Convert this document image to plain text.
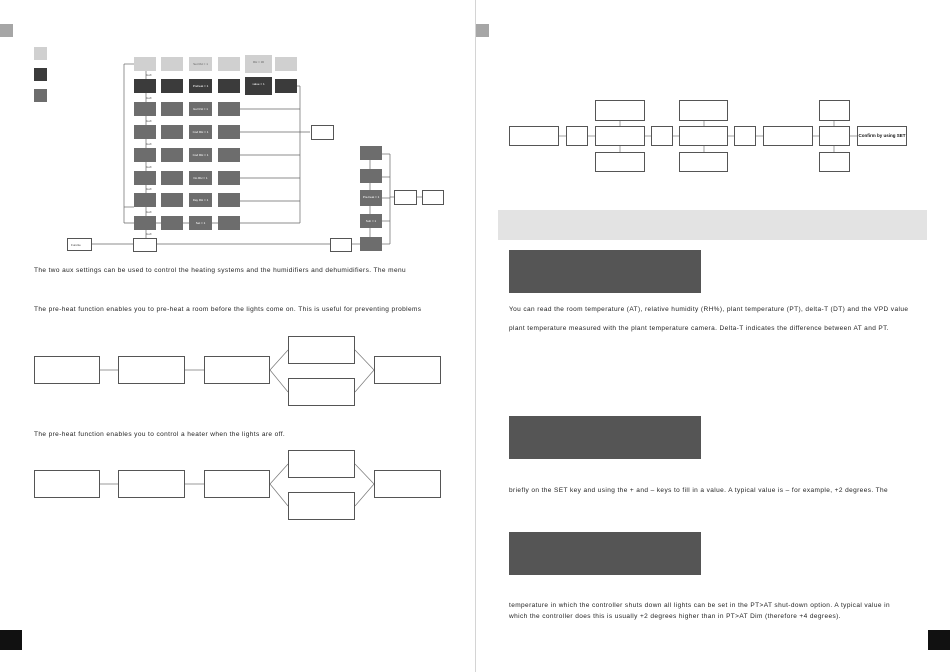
Set RH = 1	RH = 30
Preheat = 1	value = 1
Gul RH = 1
Cod RH = 1
Cod RH = 1
Do RH = 1
Day RH = 1
Set = 1
AuX
AuX
AuX
AuX
AuX
AuX
AuX
AuX
Functie
Pre-heat = 1
Sub = 1
The two aux settings can be used to control the heating systems and the humidifiers and dehumidifiers. The menu
The pre-heat function enables you to pre-heat a room before the lights come on. This is useful for preventing problems
The pre-heat function enables you to control a heater when the lights are off.
Confirm by using SET
You can read the room temperature (AT), relative humidity (RH%), plant temperature (PT), delta-T (DT) and the VPD value
plant temperature measured with the plant temperature camera. Delta-T indicates the difference between AT and PT.
briefly on the SET key and using the + and – keys to fill in a value. A typical value is – for example, +2 degrees. The
temperature in which the controller shuts down all lights can be set in the PT>AT shut-down option. A typical value in
which the controller does this is usually +2 degrees higher than in PT>AT Dim (therefore +4 degrees).
